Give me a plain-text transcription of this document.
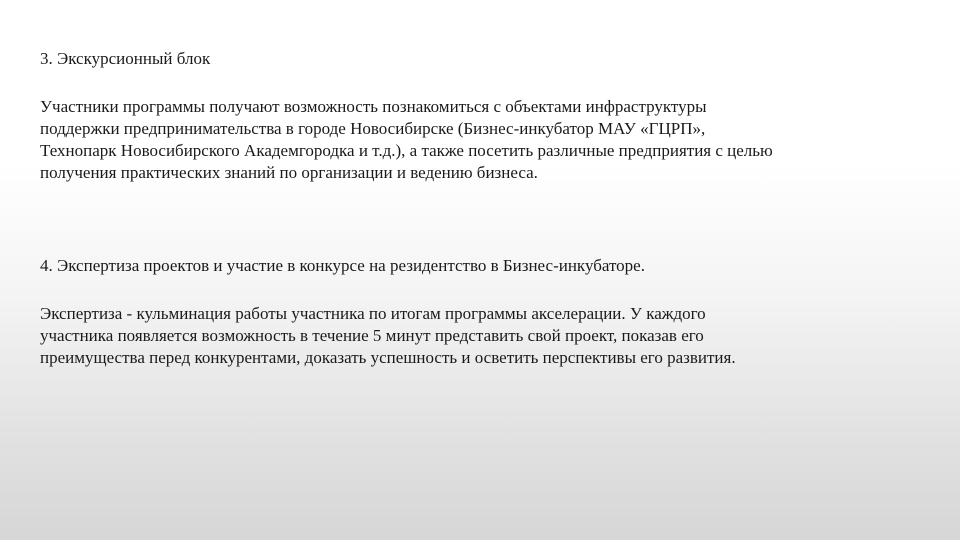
3. Экскурсионный блок
Участники программы получают возможность познакомиться с объектами инфраструктуры
поддержки предпринимательства в городе Новосибирске (Бизнес-инкубатор МАУ «ГЦРП»,
Технопарк Новосибирского Академгородка и т.д.), а также посетить различные предприятия с целью
получения практических знаний по организации и ведению бизнеса.
4. Экспертиза проектов и участие в конкурсе на резидентство в Бизнес-инкубаторе.
Экспертиза - кульминация работы участника по итогам программы акселерации. У каждого
участника появляется возможность в течение 5 минут представить свой проект, показав его
преимущества перед конкурентами, доказать успешность и осветить перспективы его развития.
